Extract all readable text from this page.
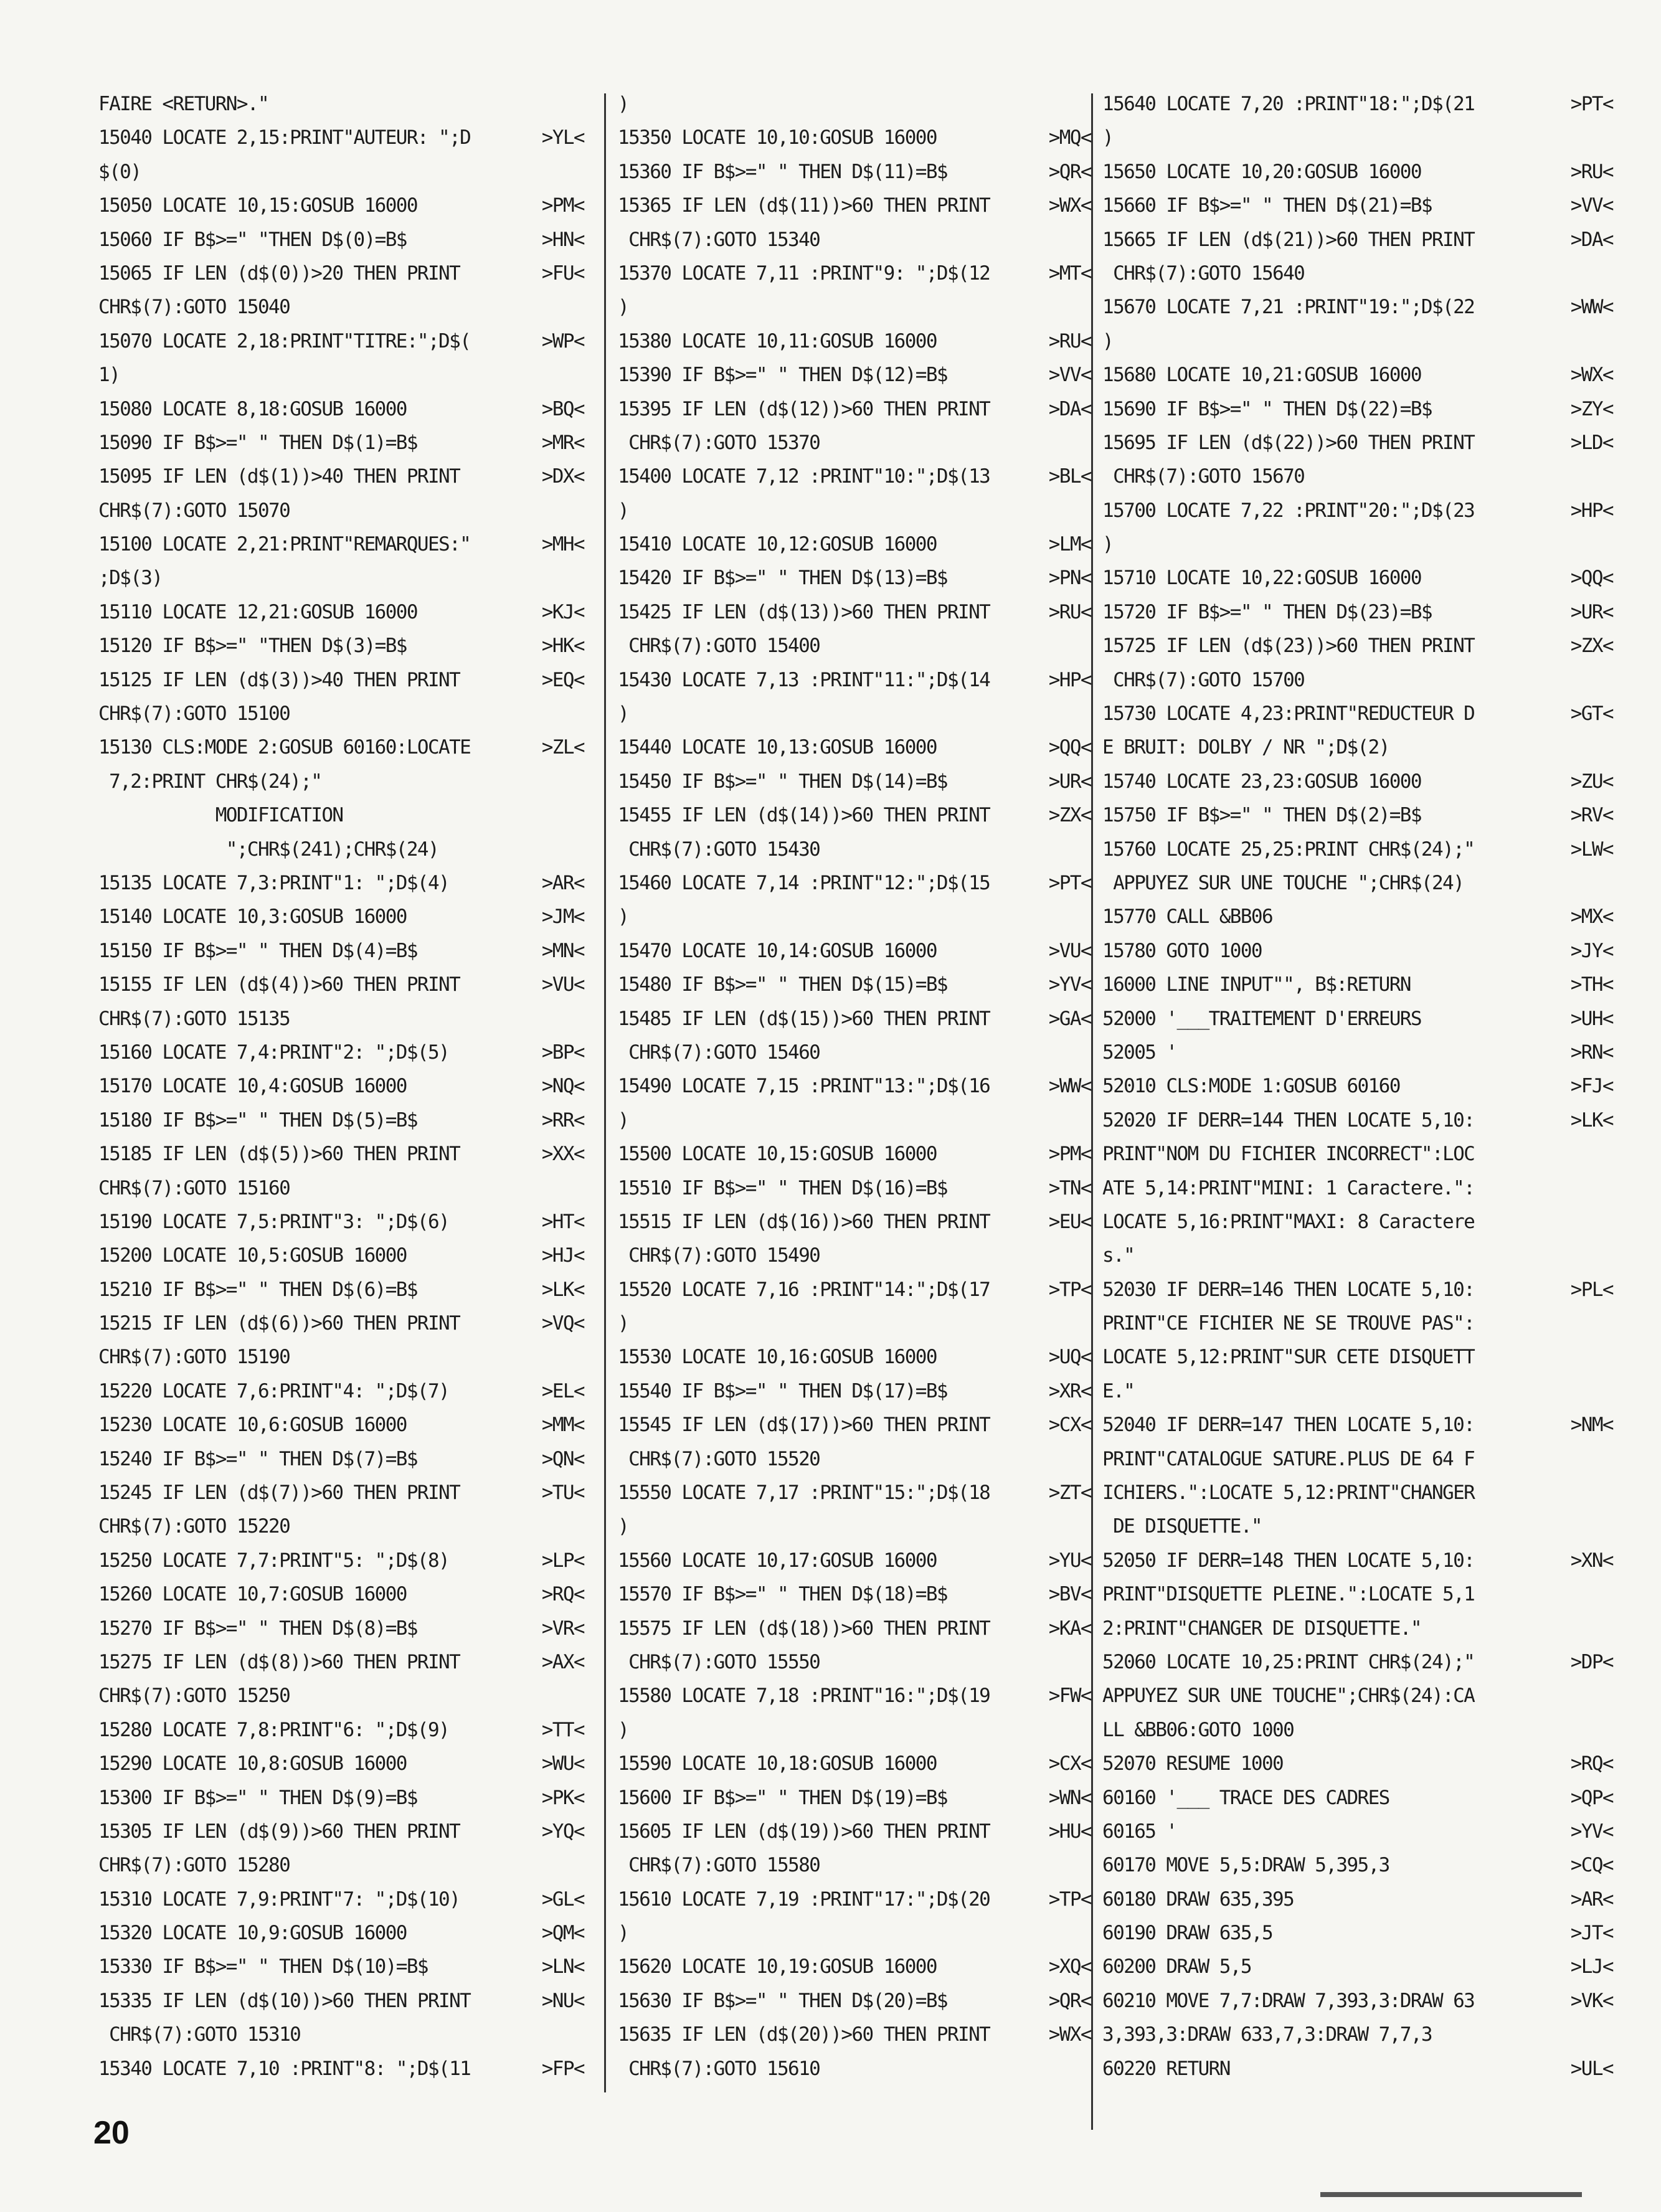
FAIRE <RETURN>."
15040 LOCATE 2,15:PRINT"AUTEUR: ";D	>YL<
$(0)
15050 LOCATE 10,15:GOSUB 16000	>PM<
15060 IF B$>=" "THEN D$(0)=B$	>HN<
15065 IF LEN (d$(0))>20 THEN PRINT	>FU<
CHR$(7):GOTO 15040
15070 LOCATE 2,18:PRINT"TITRE:";D$(	>WP<
1)
15080 LOCATE 8,18:GOSUB 16000	>BQ<
15090 IF B$>=" " THEN D$(1)=B$	>MR<
15095 IF LEN (d$(1))>40 THEN PRINT	>DX<
CHR$(7):GOTO 15070
15100 LOCATE 2,21:PRINT"REMARQUES:"	>MH<
;D$(3)
15110 LOCATE 12,21:GOSUB 16000	>KJ<
15120 IF B$>=" "THEN D$(3)=B$	>HK<
15125 IF LEN (d$(3))>40 THEN PRINT	>EQ<
CHR$(7):GOTO 15100
15130 CLS:MODE 2:GOSUB 60160:LOCATE	>ZL<
7,2:PRINT CHR$(24);"
MODIFICATION
";CHR$(241);CHR$(24)
15135 LOCATE 7,3:PRINT"1: ";D$(4)	>AR<
15140 LOCATE 10,3:GOSUB 16000	>JM<
15150 IF B$>=" " THEN D$(4)=B$	>MN<
15155 IF LEN (d$(4))>60 THEN PRINT	>VU<
CHR$(7):GOTO 15135
15160 LOCATE 7,4:PRINT"2: ";D$(5)	>BP<
15170 LOCATE 10,4:GOSUB 16000	>NQ<
15180 IF B$>=" " THEN D$(5)=B$	>RR<
15185 IF LEN (d$(5))>60 THEN PRINT	>XX<
CHR$(7):GOTO 15160
15190 LOCATE 7,5:PRINT"3: ";D$(6)	>HT<
15200 LOCATE 10,5:GOSUB 16000	>HJ<
15210 IF B$>=" " THEN D$(6)=B$	>LK<
15215 IF LEN (d$(6))>60 THEN PRINT	>VQ<
CHR$(7):GOTO 15190
15220 LOCATE 7,6:PRINT"4: ";D$(7)	>EL<
15230 LOCATE 10,6:GOSUB 16000	>MM<
15240 IF B$>=" " THEN D$(7)=B$	>QN<
15245 IF LEN (d$(7))>60 THEN PRINT	>TU<
CHR$(7):GOTO 15220
15250 LOCATE 7,7:PRINT"5: ";D$(8)	>LP<
15260 LOCATE 10,7:GOSUB 16000	>RQ<
15270 IF B$>=" " THEN D$(8)=B$	>VR<
15275 IF LEN (d$(8))>60 THEN PRINT	>AX<
CHR$(7):GOTO 15250
15280 LOCATE 7,8:PRINT"6: ";D$(9)	>TT<
15290 LOCATE 10,8:GOSUB 16000	>WU<
15300 IF B$>=" " THEN D$(9)=B$	>PK<
15305 IF LEN (d$(9))>60 THEN PRINT	>YQ<
CHR$(7):GOTO 15280
15310 LOCATE 7,9:PRINT"7: ";D$(10)	>GL<
15320 LOCATE 10,9:GOSUB 16000	>QM<
15330 IF B$>=" " THEN D$(10)=B$	>LN<
15335 IF LEN (d$(10))>60 THEN PRINT	>NU<
CHR$(7):GOTO 15310
15340 LOCATE 7,10 :PRINT"8: ";D$(11	>FP<
)
15350 LOCATE 10,10:GOSUB 16000	>MQ<
15360 IF B$>=" " THEN D$(11)=B$	>QR<
15365 IF LEN (d$(11))>60 THEN PRINT	>WX<
CHR$(7):GOTO 15340
15370 LOCATE 7,11 :PRINT"9: ";D$(12	>MT<
)
15380 LOCATE 10,11:GOSUB 16000	>RU<
15390 IF B$>=" " THEN D$(12)=B$	>VV<
15395 IF LEN (d$(12))>60 THEN PRINT	>DA<
CHR$(7):GOTO 15370
15400 LOCATE 7,12 :PRINT"10:";D$(13	>BL<
)
15410 LOCATE 10,12:GOSUB 16000	>LM<
15420 IF B$>=" " THEN D$(13)=B$	>PN<
15425 IF LEN (d$(13))>60 THEN PRINT	>RU<
CHR$(7):GOTO 15400
15430 LOCATE 7,13 :PRINT"11:";D$(14	>HP<
)
15440 LOCATE 10,13:GOSUB 16000	>QQ<
15450 IF B$>=" " THEN D$(14)=B$	>UR<
15455 IF LEN (d$(14))>60 THEN PRINT	>ZX<
CHR$(7):GOTO 15430
15460 LOCATE 7,14 :PRINT"12:";D$(15	>PT<
)
15470 LOCATE 10,14:GOSUB 16000	>VU<
15480 IF B$>=" " THEN D$(15)=B$	>YV<
15485 IF LEN (d$(15))>60 THEN PRINT	>GA<
CHR$(7):GOTO 15460
15490 LOCATE 7,15 :PRINT"13:";D$(16	>WW<
)
15500 LOCATE 10,15:GOSUB 16000	>PM<
15510 IF B$>=" " THEN D$(16)=B$	>TN<
15515 IF LEN (d$(16))>60 THEN PRINT	>EU<
CHR$(7):GOTO 15490
15520 LOCATE 7,16 :PRINT"14:";D$(17	>TP<
)
15530 LOCATE 10,16:GOSUB 16000	>UQ<
15540 IF B$>=" " THEN D$(17)=B$	>XR<
15545 IF LEN (d$(17))>60 THEN PRINT	>CX<
CHR$(7):GOTO 15520
15550 LOCATE 7,17 :PRINT"15:";D$(18	>ZT<
)
15560 LOCATE 10,17:GOSUB 16000	>YU<
15570 IF B$>=" " THEN D$(18)=B$	>BV<
15575 IF LEN (d$(18))>60 THEN PRINT	>KA<
CHR$(7):GOTO 15550
15580 LOCATE 7,18 :PRINT"16:";D$(19	>FW<
)
15590 LOCATE 10,18:GOSUB 16000	>CX<
15600 IF B$>=" " THEN D$(19)=B$	>WN<
15605 IF LEN (d$(19))>60 THEN PRINT	>HU<
CHR$(7):GOTO 15580
15610 LOCATE 7,19 :PRINT"17:";D$(20	>TP<
)
15620 LOCATE 10,19:GOSUB 16000	>XQ<
15630 IF B$>=" " THEN D$(20)=B$	>QR<
15635 IF LEN (d$(20))>60 THEN PRINT	>WX<
CHR$(7):GOTO 15610
15640 LOCATE 7,20 :PRINT"18:";D$(21	>PT<
)
15650 LOCATE 10,20:GOSUB 16000	>RU<
15660 IF B$>=" " THEN D$(21)=B$	>VV<
15665 IF LEN (d$(21))>60 THEN PRINT	>DA<
CHR$(7):GOTO 15640
15670 LOCATE 7,21 :PRINT"19:";D$(22	>WW<
)
15680 LOCATE 10,21:GOSUB 16000	>WX<
15690 IF B$>=" " THEN D$(22)=B$	>ZY<
15695 IF LEN (d$(22))>60 THEN PRINT	>LD<
CHR$(7):GOTO 15670
15700 LOCATE 7,22 :PRINT"20:";D$(23	>HP<
)
15710 LOCATE 10,22:GOSUB 16000	>QQ<
15720 IF B$>=" " THEN D$(23)=B$	>UR<
15725 IF LEN (d$(23))>60 THEN PRINT	>ZX<
CHR$(7):GOTO 15700
15730 LOCATE 4,23:PRINT"REDUCTEUR D	>GT<
E BRUIT: DOLBY / NR ";D$(2)
15740 LOCATE 23,23:GOSUB 16000	>ZU<
15750 IF B$>=" " THEN D$(2)=B$	>RV<
15760 LOCATE 25,25:PRINT CHR$(24);"	>LW<
APPUYEZ SUR UNE TOUCHE ";CHR$(24)
15770 CALL &BB06	>MX<
15780 GOTO 1000	>JY<
16000 LINE INPUT"", B$:RETURN	>TH<
52000 '___TRAITEMENT D'ERREURS	>UH<
52005 '	>RN<
52010 CLS:MODE 1:GOSUB 60160	>FJ<
52020 IF DERR=144 THEN LOCATE 5,10:	>LK<
PRINT"NOM DU FICHIER INCORRECT":LOC
ATE 5,14:PRINT"MINI: 1 Caractere.":
LOCATE 5,16:PRINT"MAXI: 8 Caractere
s."
52030 IF DERR=146 THEN LOCATE 5,10:	>PL<
PRINT"CE FICHIER NE SE TROUVE PAS":
LOCATE 5,12:PRINT"SUR CETE DISQUETT
E."
52040 IF DERR=147 THEN LOCATE 5,10:	>NM<
PRINT"CATALOGUE SATURE.PLUS DE 64 F
ICHIERS.":LOCATE 5,12:PRINT"CHANGER
DE DISQUETTE."
52050 IF DERR=148 THEN LOCATE 5,10:	>XN<
PRINT"DISQUETTE PLEINE.":LOCATE 5,1
2:PRINT"CHANGER DE DISQUETTE."
52060 LOCATE 10,25:PRINT CHR$(24);"	>DP<
APPUYEZ SUR UNE TOUCHE";CHR$(24):CA
LL &BB06:GOTO 1000
52070 RESUME 1000	>RQ<
60160 '___ TRACE DES CADRES	>QP<
60165 '	>YV<
60170 MOVE 5,5:DRAW 5,395,3	>CQ<
60180 DRAW 635,395	>AR<
60190 DRAW 635,5	>JT<
60200 DRAW 5,5	>LJ<
60210 MOVE 7,7:DRAW 7,393,3:DRAW 63	>VK<
3,393,3:DRAW 633,7,3:DRAW 7,7,3
60220 RETURN	>UL<
20
